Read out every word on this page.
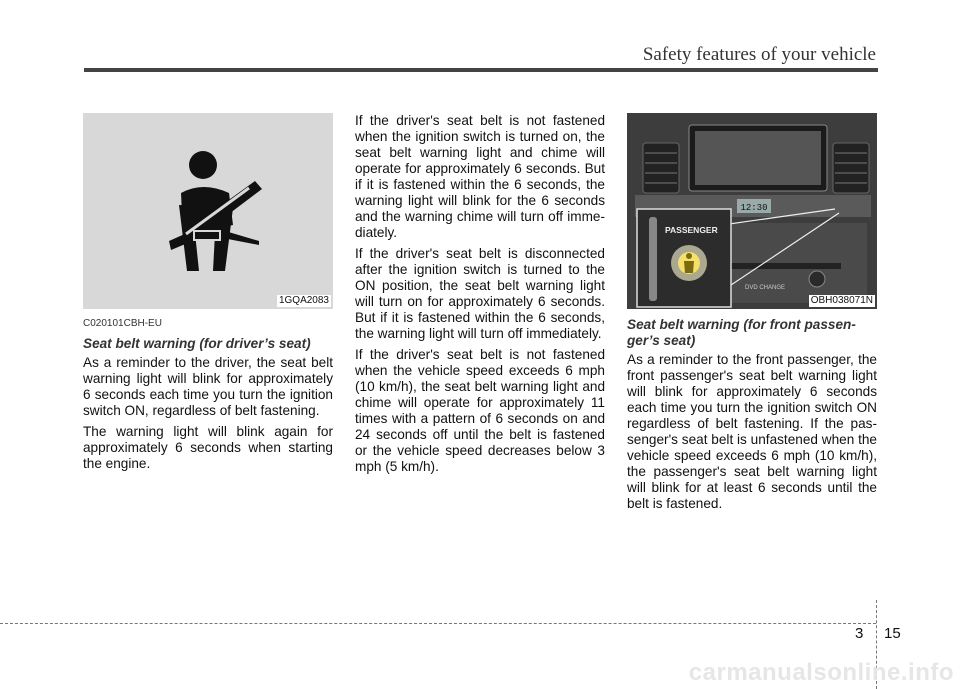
Safety features of your vehicle
1GQA2083
C020101CBH-EU
Seat belt warning (for driver’s seat)

As a reminder to the driver, the seat belt warning light will blink for approximately 6 seconds each time you turn the ignition switch ON, regardless of belt fastening.

The warning light will blink again for approximately 6 seconds when starting the engine.

If the driver's seat belt is not fastened when the ignition switch is turned on, the seat belt warning light and chime will operate for approximately 6 seconds. But if it is fastened within the 6 seconds, the warning light will blink for the 6 seconds and the warning chime will turn off imme-diately.

If the driver's seat belt is disconnected after the ignition switch is turned to the ON position, the seat belt warning light will turn on for approximately 6 seconds. But if it is fastened within the 6 seconds, the warning light will turn off immediately.

If the driver's seat belt is not fastened when the vehicle speed exceeds 6 mph (10 km/h), the seat belt warning light and chime will operate for approximately 11 times with a pattern of 6 seconds on and 24 seconds off until the belt is fastened or the vehicle speed decreases below 3 mph (5 km/h).

12:30
DVD CHANGE
PASSENGER
OBH038071N
Seat belt warning (for front passen-ger’s seat)

As a reminder to the front passenger, the front passenger's seat belt warning light will blink for approximately 6 seconds each time you turn the ignition switch ON regardless of belt fastening. If the pas-senger's seat belt is unfastened when the vehicle speed exceeds 6 mph (10 km/h), the passenger's seat belt warning light will blink for at least 6 seconds until the belt is fastened.

3 15
carmanualsonline.info
